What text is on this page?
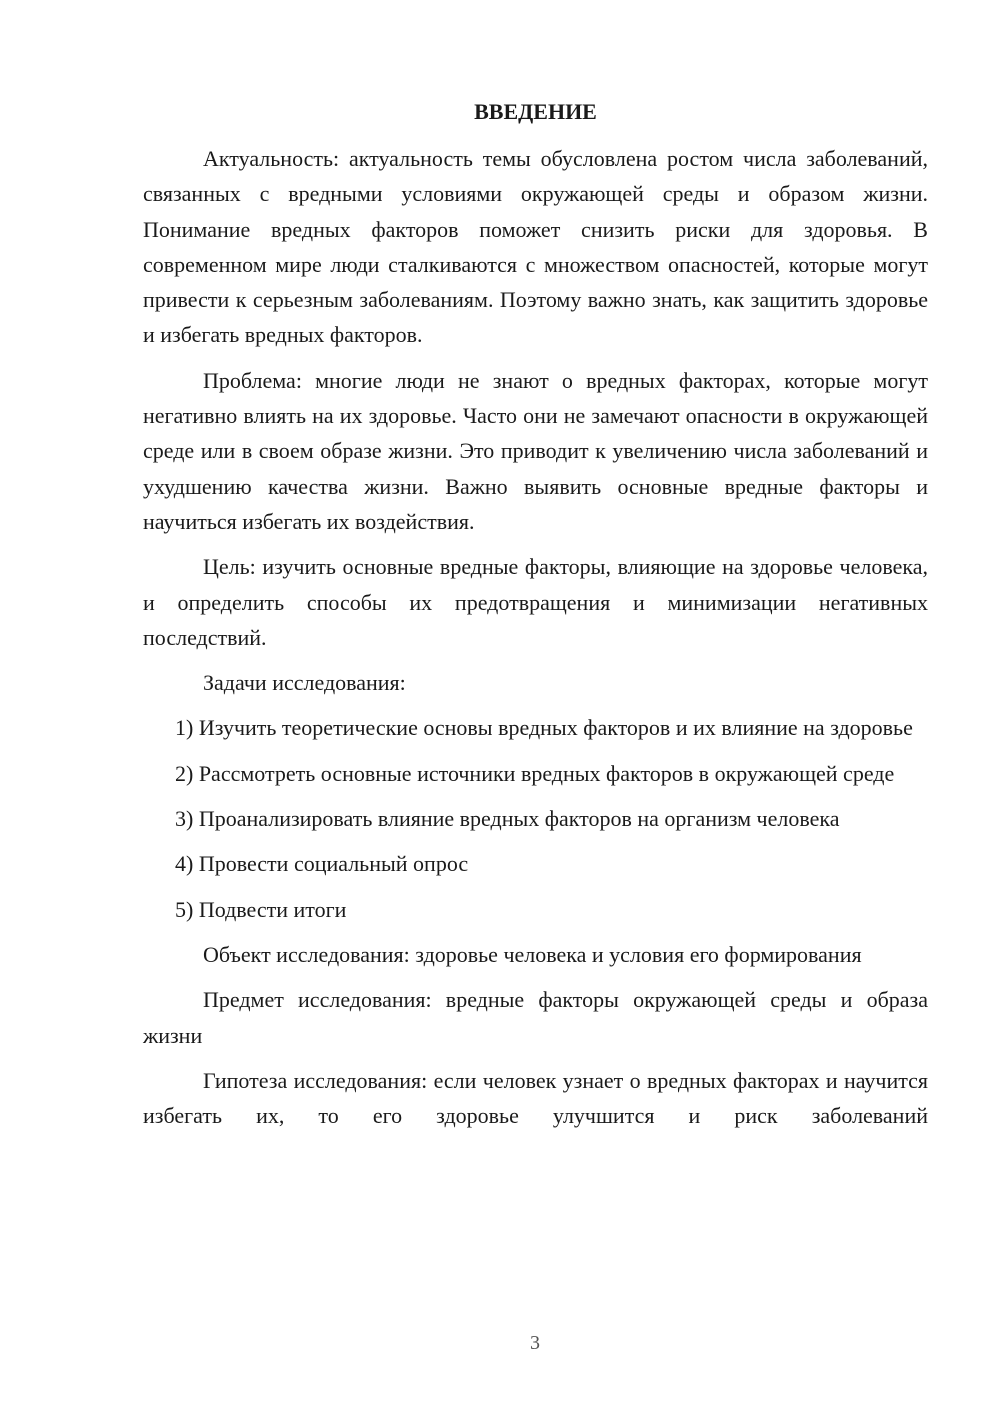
ВВЕДЕНИЕ

Актуальность: актуальность темы обусловлена ростом числа заболеваний, связанных с вредными условиями окружающей среды и образом жизни. Понимание вредных факторов поможет снизить риски для здоровья. В современном мире люди сталкиваются с множеством опасностей, которые могут привести к серьезным заболеваниям. Поэтому важно знать, как защитить здоровье и избегать вредных факторов.

Проблема: многие люди не знают о вредных факторах, которые могут негативно влиять на их здоровье. Часто они не замечают опасности в окружающей среде или в своем образе жизни. Это приводит к увеличению числа заболеваний и ухудшению качества жизни. Важно выявить основные вредные факторы и научиться избегать их воздействия.

Цель: изучить основные вредные факторы, влияющие на здоровье человека, и определить способы их предотвращения и минимизации негативных последствий.

Задачи исследования:

1) Изучить теоретические основы вредных факторов и их влияние на здоровье

2) Рассмотреть основные источники вредных факторов в окружающей среде

3) Проанализировать влияние вредных факторов на организм человека

4) Провести социальный опрос

5) Подвести итоги

Объект исследования: здоровье человека и условия его формирования

Предмет исследования: вредные факторы окружающей среды и образа жизни

Гипотеза исследования: если человек узнает о вредных факторах и научится избегать их, то его здоровье улучшится и риск заболеваний

3
